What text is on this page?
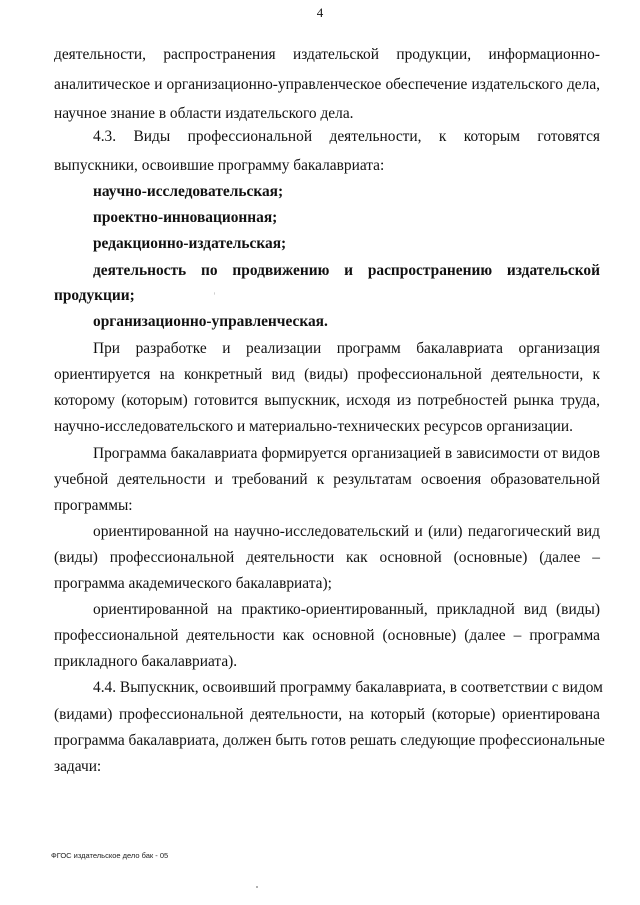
4
деятельности, распространения издательской продукции, информационно-
аналитическое и организационно-управленческое обеспечение издательского дела,
научное знание в области издательского дела.
4.3. Виды профессиональной деятельности, к которым готовятся
выпускники, освоившие программу бакалавриата:
научно-исследовательская;
проектно-инновационная;
редакционно-издательская;
деятельность по продвижению и распространению издательской
продукции;
организационно-управленческая.
При разработке и реализации программ бакалавриата организация
ориентируется на конкретный вид (виды) профессиональной деятельности, к
которому (которым) готовится выпускник, исходя из потребностей рынка труда,
научно-исследовательского и материально-технических ресурсов организации.
Программа бакалавриата формируется организацией в зависимости от видов
учебной деятельности и требований к результатам освоения образовательной
программы:
ориентированной на научно-исследовательский и (или) педагогический вид
(виды) профессиональной деятельности как основной (основные) (далее –
программа академического бакалавриата);
ориентированной на практико-ориентированный, прикладной вид (виды)
профессиональной деятельности как основной (основные) (далее – программа
прикладного бакалавриата).
4.4. Выпускник, освоивший программу бакалавриата, в соответствии с видом
(видами) профессиональной деятельности, на который (которые) ориентирована
программа бакалавриата, должен быть готов решать следующие профессиональные
задачи:
ФГОС издательское дело бак - 05
